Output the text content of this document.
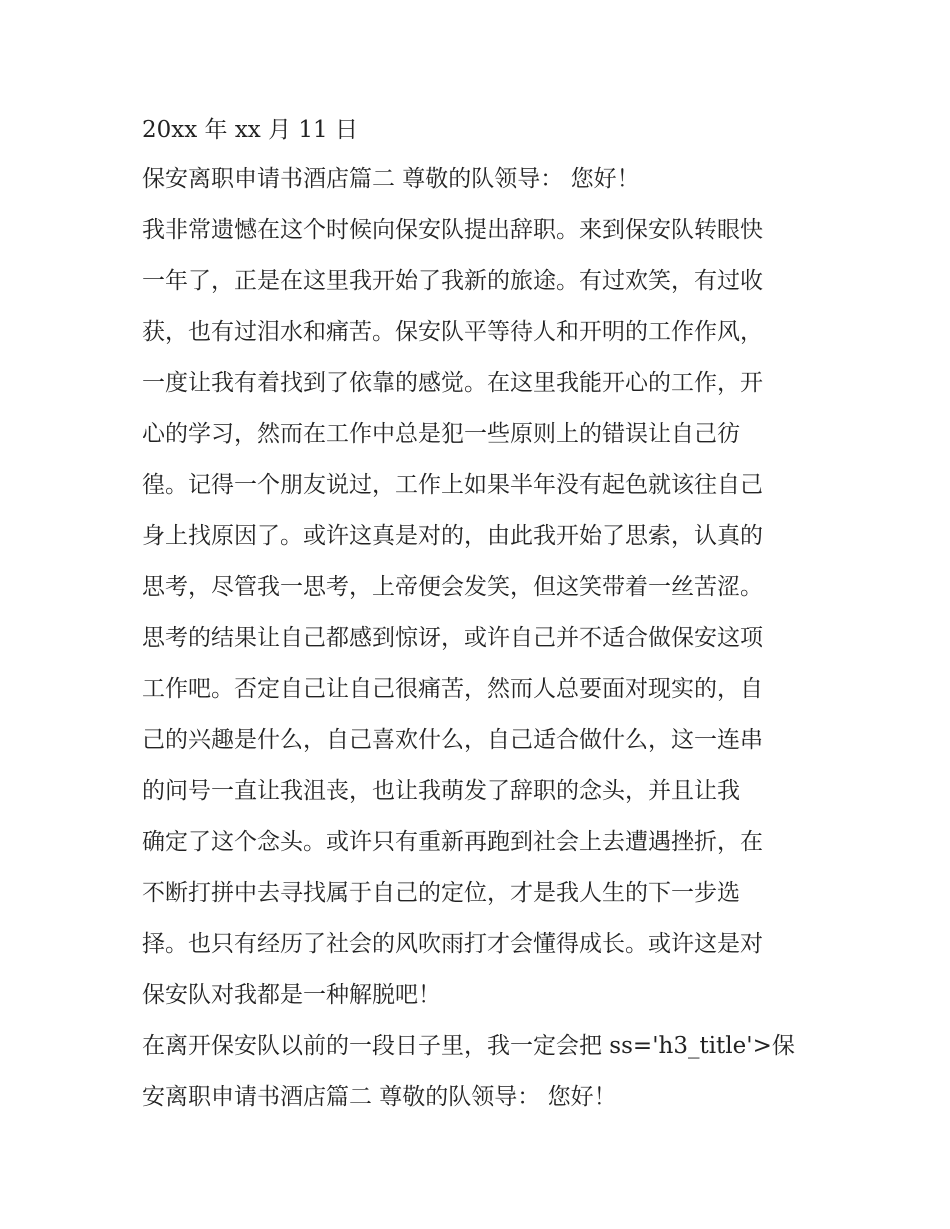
20xx 年 xx 月 11 日
保安离职申请书酒店篇二 尊敬的队领导： 您好！
我非常遗憾在这个时候向保安队提出辞职。来到保安队转眼快
一年了，正是在这里我开始了我新的旅途。有过欢笑，有过收
获，也有过泪水和痛苦。保安队平等待人和开明的工作作风，
一度让我有着找到了依靠的感觉。在这里我能开心的工作，开
心的学习，然而在工作中总是犯一些原则上的错误让自己彷
徨。记得一个朋友说过，工作上如果半年没有起色就该往自己
身上找原因了。或许这真是对的，由此我开始了思索，认真的
思考，尽管我一思考，上帝便会发笑，但这笑带着一丝苦涩。
思考的结果让自己都感到惊讶，或许自己并不适合做保安这项
工作吧。否定自己让自己很痛苦，然而人总要面对现实的，自
己的兴趣是什么，自己喜欢什么，自己适合做什么，这一连串
的问号一直让我沮丧，也让我萌发了辞职的念头，并且让我
确定了这个念头。或许只有重新再跑到社会上去遭遇挫折，在
不断打拼中去寻找属于自己的定位，才是我人生的下一步选
择。也只有经历了社会的风吹雨打才会懂得成长。或许这是对
保安队对我都是一种解脱吧！
在离开保安队以前的一段日子里，我一定会把 ss='h3_title'>保
安离职申请书酒店篇二 尊敬的队领导： 您好！
